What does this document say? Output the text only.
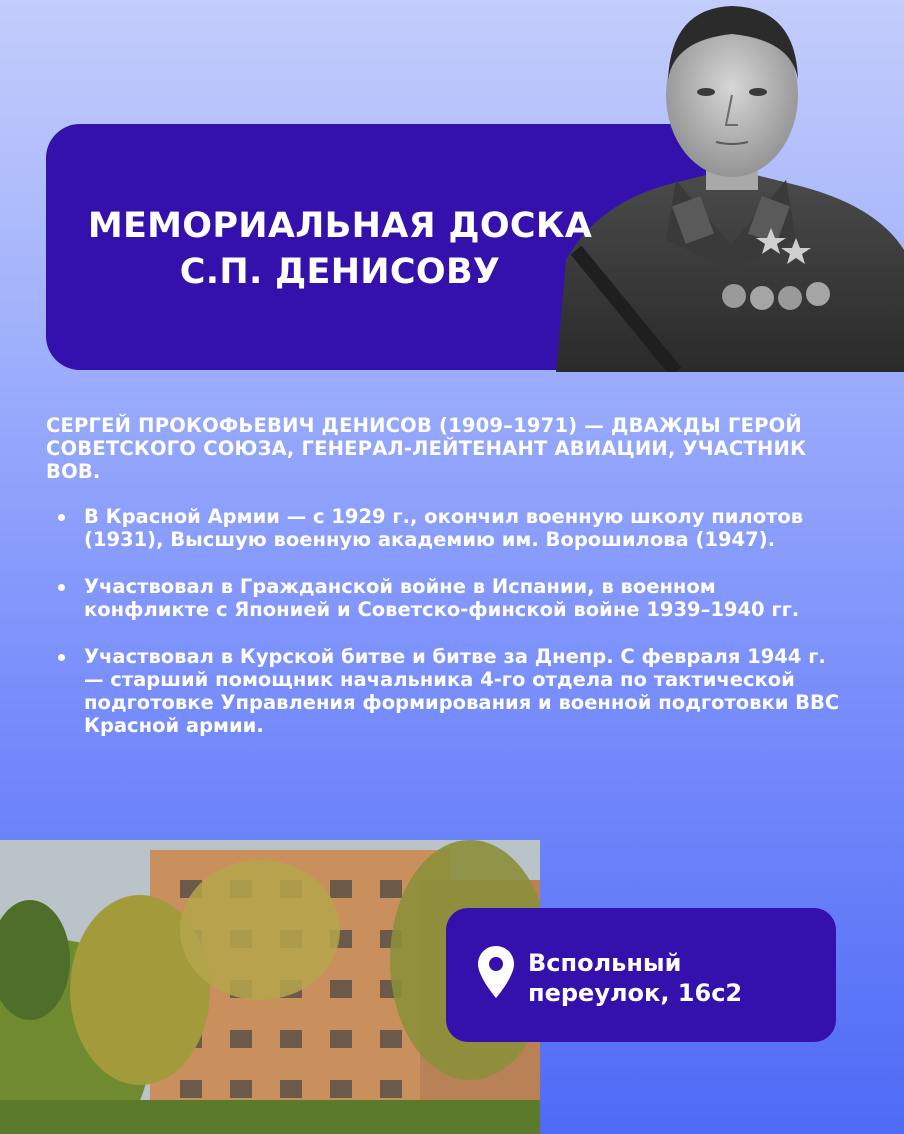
МЕМОРИАЛЬНАЯ ДОСКА
С.П. ДЕНИСОВУ

СЕРГЕЙ ПРОКОФЬЕВИЧ ДЕНИСОВ (1909–1971) — ДВАЖДЫ ГЕРОЙ СОВЕТСКОГО СОЮЗА, ГЕНЕРАЛ-ЛЕЙТЕНАНТ АВИАЦИИ, УЧАСТНИК ВОВ.

В Красной Армии — с 1929 г., окончил военную школу пилотов (1931), Высшую военную академию им. Ворошилова (1947).
Участвовал в Гражданской войне в Испании, в военном конфликте с Японией и Советско-финской войне 1939–1940 гг.
Участвовал в Курской битве и битве за Днепр. С февраля 1944 г. — старший помощник начальника 4-го отдела по тактической подготовке Управления формирования и военной подготовки ВВС Красной армии.
Вспольный
переулок, 16с2
